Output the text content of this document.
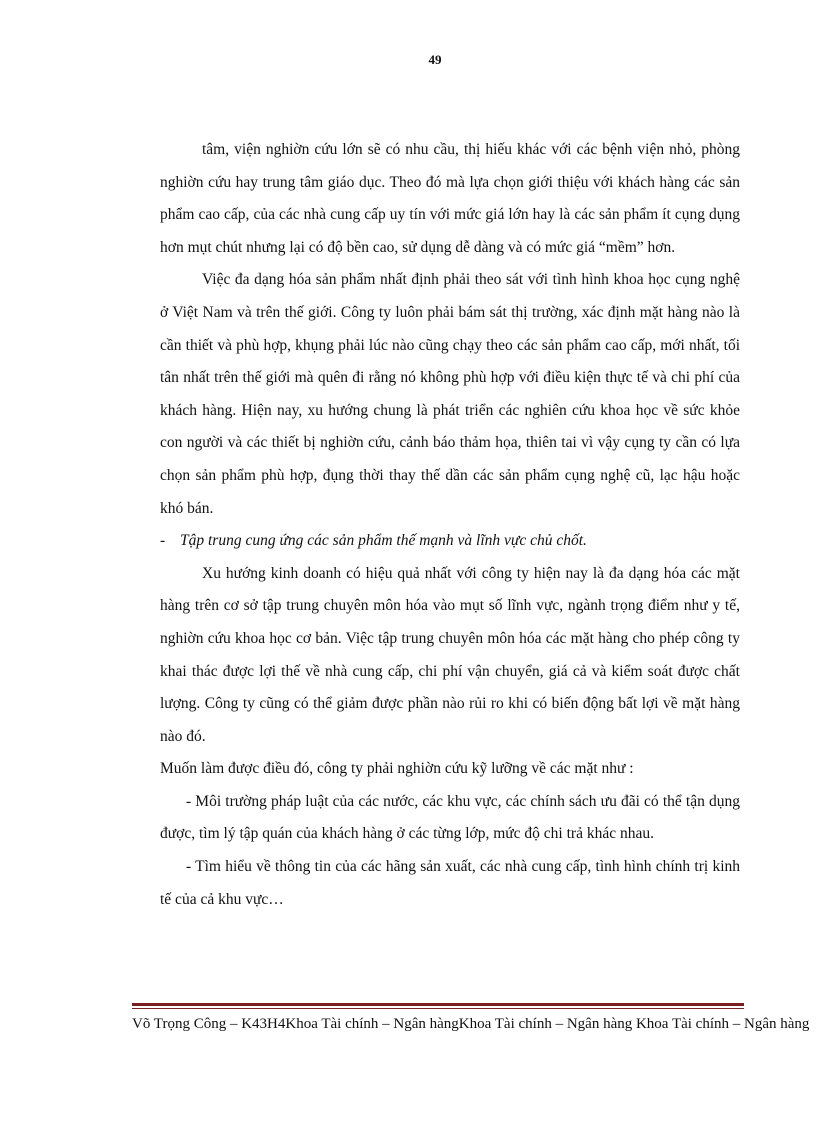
49

tâm, viện nghiờn cứu lớn sẽ có nhu cầu, thị hiếu khác với các bệnh viện nhỏ, phòng nghiờn cứu hay trung tâm giáo dục. Theo đó mà lựa chọn giới thiệu với khách hàng các sản phẩm cao cấp, của các nhà cung cấp uy tín với mức giá lớn hay là các sản phẩm ít cụng dụng hơn mụt chút nhưng lại có độ bền cao, sử dụng dễ dàng và có mức giá “mềm” hơn.

Việc đa dạng hóa sản phẩm nhất định phải theo sát với tình hình khoa học cụng nghệ ở Việt Nam và trên thế giới. Công ty luôn phải bám sát thị trường, xác định mặt hàng nào là cần thiết và phù hợp, khụng phải lúc nào cũng chạy theo các sản phẩm cao cấp, mới nhất, tối tân nhất trên thế giới mà quên đi rằng nó không phù hợp với điều kiện thực tế và chi phí của khách hàng. Hiện nay, xu hướng chung là phát triển các nghiên cứu khoa học về sức khỏe con người và các thiết bị nghiờn cứu, cảnh báo thảm họa, thiên tai vì vậy cụng ty cần có lựa chọn sản phẩm phù hợp, đụng thời thay thế dần các sản phẩm cụng nghệ cũ, lạc hậu hoặc khó bán.

- Tập trung cung ứng các sản phẩm thế mạnh và lĩnh vực chủ chốt.

Xu hướng kinh doanh có hiệu quả nhất với công ty hiện nay là đa dạng hóa các mặt hàng trên cơ sở tập trung chuyên môn hóa vào mụt số lĩnh vực, ngành trọng điểm như y tế, nghiờn cứu khoa học cơ bản. Việc tập trung chuyên môn hóa các mặt hàng cho phép công ty khai thác được lợi thế về nhà cung cấp, chi phí vận chuyển, giá cả và kiểm soát được chất lượng. Công ty cũng có thể giảm được phần nào rủi ro khi có biến động bất lợi về mặt hàng nào đó.

Muốn làm được điều đó, công ty phải nghiờn cứu kỹ lưỡng về các mặt như :

- Môi trường pháp luật của các nước, các khu vực, các chính sách ưu đãi có thể tận dụng được, tìm lý tập quán của khách hàng ở các từng lớp, mức độ chi trả khác nhau.

- Tìm hiểu về thông tin của các hãng sản xuất, các nhà cung cấp, tình hình chính trị kinh tế của cả khu vực…

Võ Trọng Công – K43H4Khoa Tài chính – Ngân hàngKhoa Tài chính – Ngân hàng Khoa Tài chính – Ngân hàng
